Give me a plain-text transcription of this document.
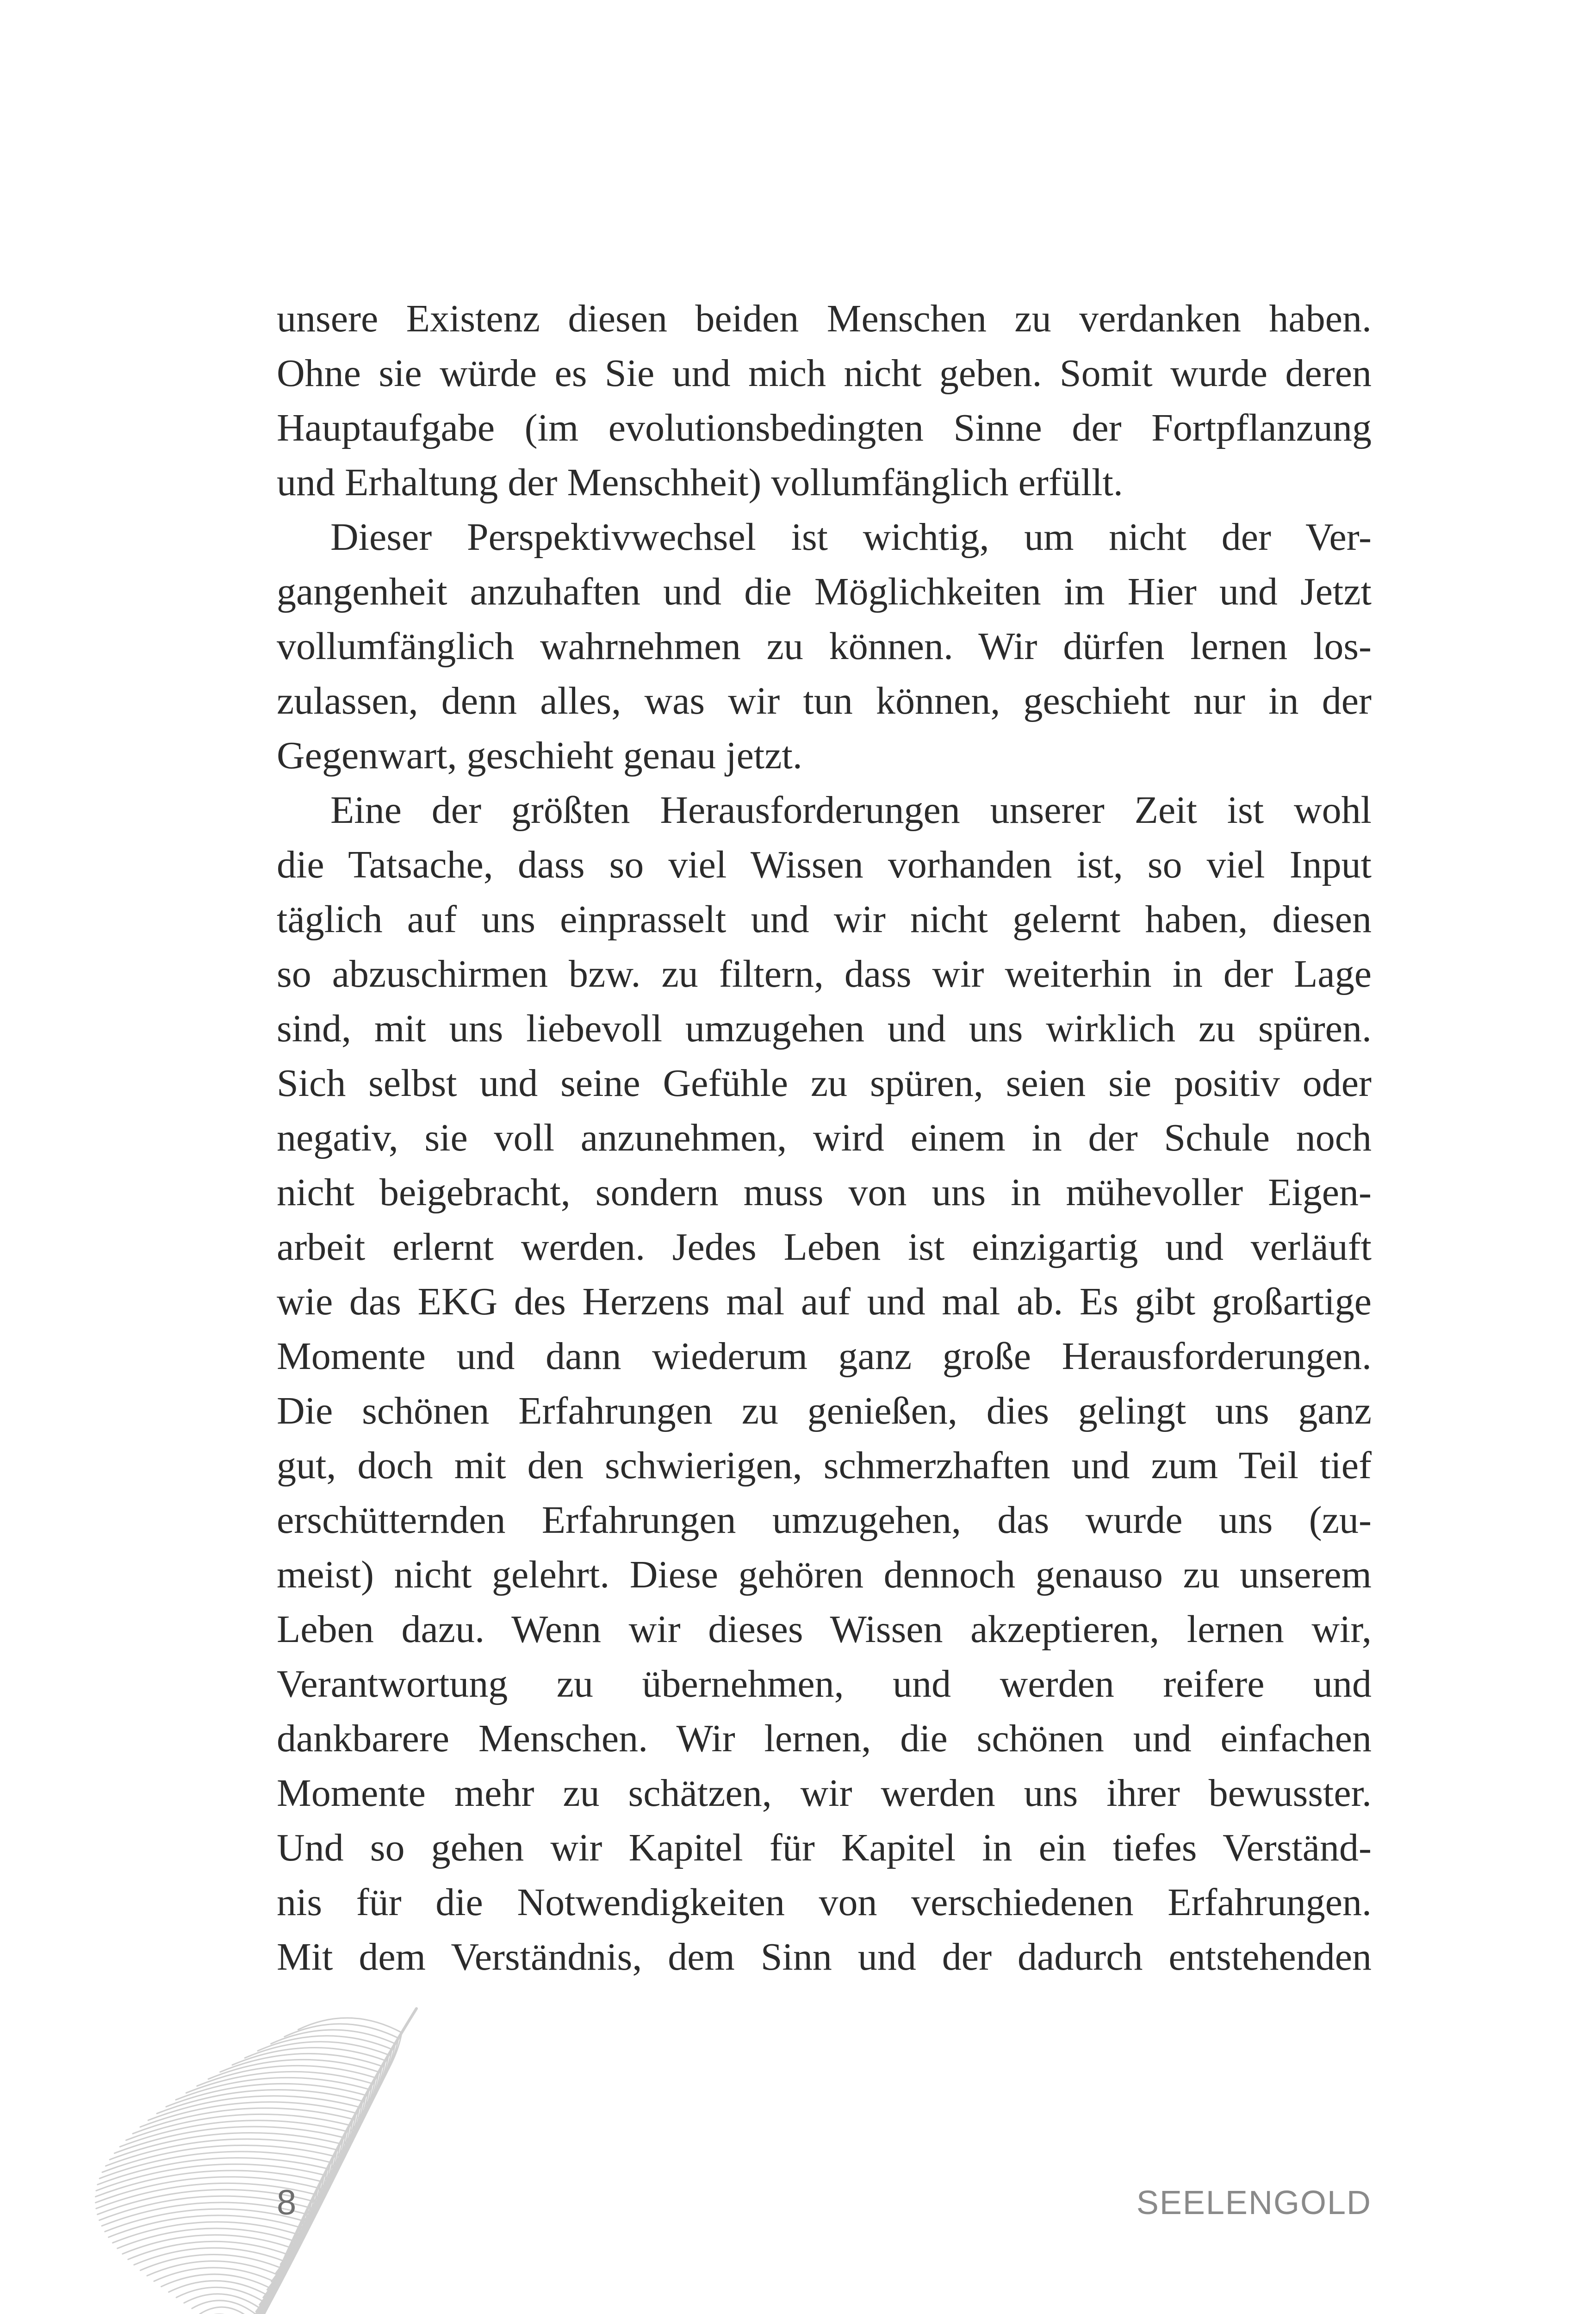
unsere Existenz diesen beiden Menschen zu verdanken haben.
Ohne sie würde es Sie und mich nicht geben. Somit wurde deren
Hauptaufgabe (im evolutionsbedingten Sinne der Fortpflanzung
und Erhaltung der Menschheit) vollumfänglich erfüllt.
Dieser Perspektivwechsel ist wichtig, um nicht der Ver-
gangenheit anzuhaften und die Möglichkeiten im Hier und Jetzt
vollumfänglich wahrnehmen zu können. Wir dürfen lernen los-
zulassen, denn alles, was wir tun können, geschieht nur in der
Gegenwart, geschieht genau jetzt.
Eine der größten Herausforderungen unserer Zeit ist wohl
die Tatsache, dass so viel Wissen vorhanden ist, so viel Input
täglich auf uns einprasselt und wir nicht gelernt haben, diesen
so abzuschirmen bzw. zu filtern, dass wir weiterhin in der Lage
sind, mit uns liebevoll umzugehen und uns wirklich zu spüren.
Sich selbst und seine Gefühle zu spüren, seien sie positiv oder
negativ, sie voll anzunehmen, wird einem in der Schule noch
nicht beigebracht, sondern muss von uns in mühevoller Eigen-
arbeit erlernt werden. Jedes Leben ist einzigartig und verläuft
wie das EKG des Herzens mal auf und mal ab. Es gibt großartige
Momente und dann wiederum ganz große Herausforderungen.
Die schönen Erfahrungen zu genießen, dies gelingt uns ganz
gut, doch mit den schwierigen, schmerzhaften und zum Teil tief
erschütternden Erfahrungen umzugehen, das wurde uns (zu-
meist) nicht gelehrt. Diese gehören dennoch genauso zu unserem
Leben dazu. Wenn wir dieses Wissen akzeptieren, lernen wir,
Verantwortung zu übernehmen, und werden reifere und
dankbarere Menschen. Wir lernen, die schönen und einfachen
Momente mehr zu schätzen, wir werden uns ihrer bewusster.
Und so gehen wir Kapitel für Kapitel in ein tiefes Verständ-
nis für die Notwendigkeiten von verschiedenen Erfahrungen.
Mit dem Verständnis, dem Sinn und der dadurch entstehenden
8	SEELENGOLD
